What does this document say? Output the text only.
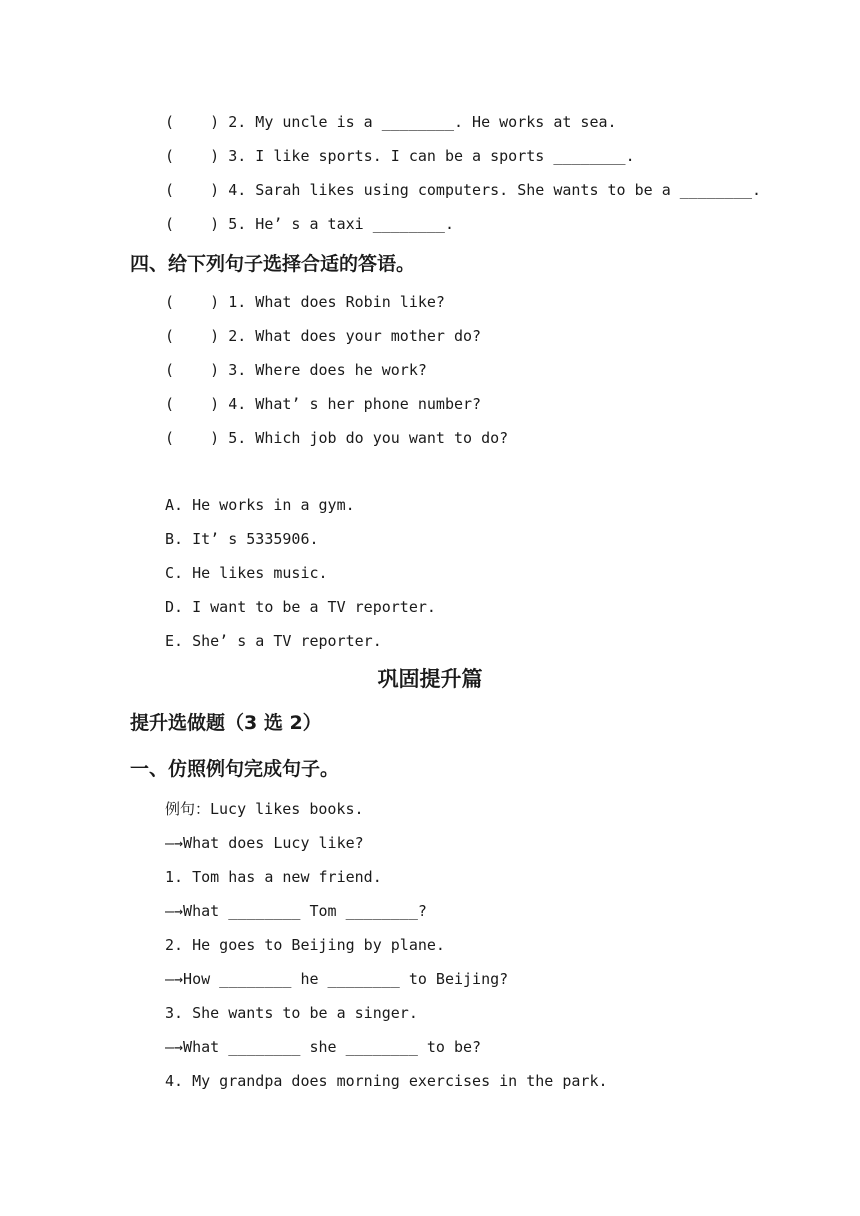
(    ) 2. My uncle is a ________. He works at sea.
(    ) 3. I like sports. I can be a sports ________.
(    ) 4. Sarah likes using computers. She wants to be a ________.
(    ) 5. He’ s a taxi ________.
四、给下列句子选择合适的答语。
(    ) 1. What does Robin like?
(    ) 2. What does your mother do?
(    ) 3. Where does he work?
(    ) 4. What’ s her phone number?
(    ) 5. Which job do you want to do?
A. He works in a gym.
B. It’ s 5335906.
C. He likes music.
D. I want to be a TV reporter.
E. She’ s a TV reporter.
巩固提升篇
提升选做题（3 选 2）
一、仿照例句完成句子。
例句：Lucy likes books.
—→What does Lucy like?
1. Tom has a new friend.
—→What ________ Tom ________?
2. He goes to Beijing by plane.
—→How ________ he ________ to Beijing?
3. She wants to be a singer.
—→What ________ she ________ to be?
4. My grandpa does morning exercises in the park.
